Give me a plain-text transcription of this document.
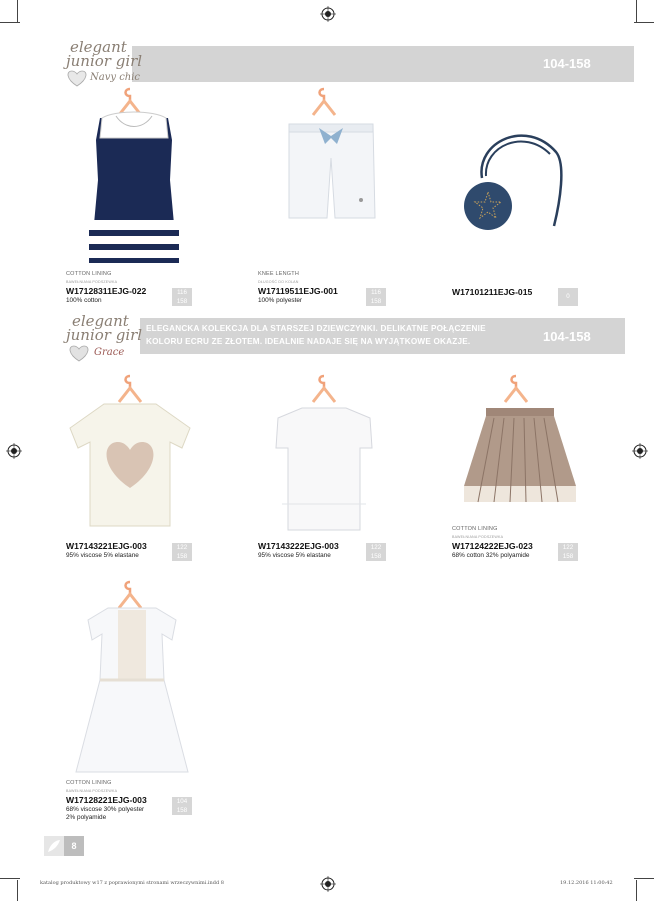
104-158
elegant
junior girl
Navy chic
COTTON LINING
BAWEŁNIANA PODSZEWKA
W17128311EJG-022
100% cotton
116
158
KNEE LENGTH
DŁUGOŚĆ DO KOLAN
W17119511EJG-001
100% polyester
116
158
W17101211EJG-015	0
ELEGANCKA KOLEKCJA DLA STARSZEJ DZIEWCZYNKI. DELIKATNE POŁĄCZENIE
KOLORU ECRU ZE ZŁOTEM. IDEALNIE NADAJE SIĘ NA WYJĄTKOWE OKAZJE.	104-158
elegant
junior girl
Grace
W17143221EJG-003
95% viscose 5% elastane
122
158
W17143222EJG-003
95% viscose 5% elastane
122
158
COTTON LINING
BAWEŁNIANA PODSZEWKA
W17124222EJG-023
68% cotton 32% polyamide
122
158
COTTON LINING
BAWEŁNIANA PODSZEWKA
W17128221EJG-003
68% viscose 30% polyester
2% polyamide
104
158
8
katalog produktowy w17 z poprawionymi stronami wrzeczywnimi.indd 8	19.12.2016 11:00:42
